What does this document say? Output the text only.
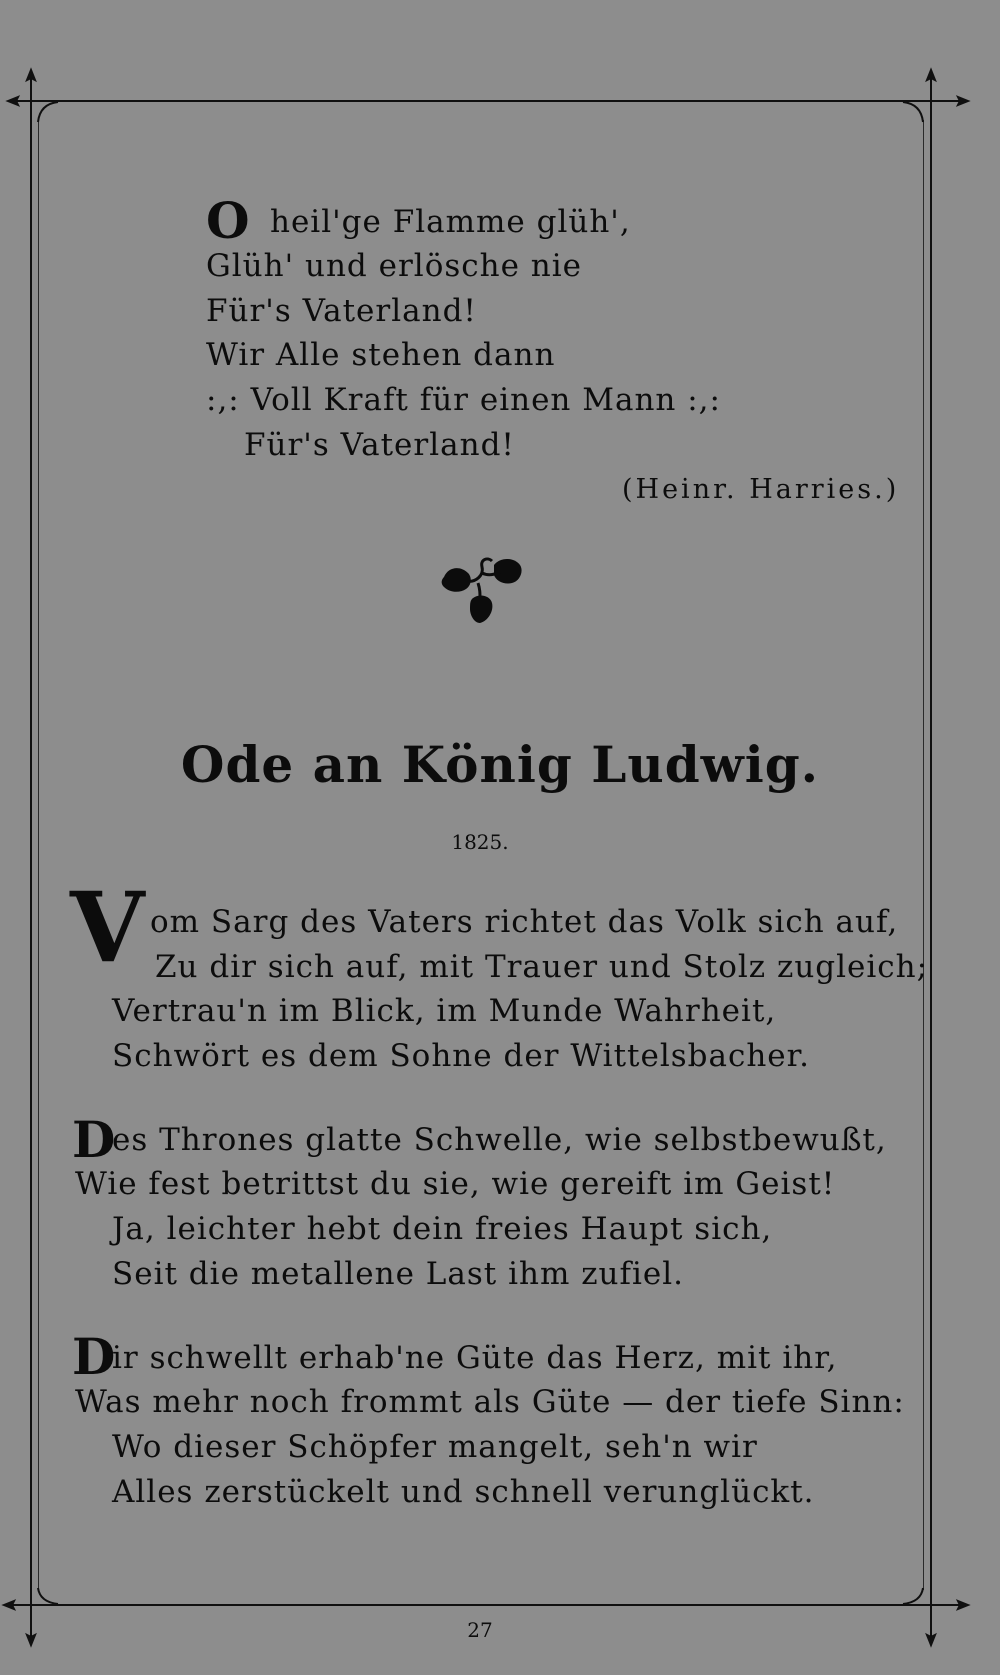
O heil'ge Flamme glüh',
Glüh' und erlösche nie
Für's Vaterland!
Wir Alle stehen dann
:,: Voll Kraft für einen Mann :,:
Für's Vaterland!
(Heinr. Harries.)
Ode an König Ludwig.
1825.
V om Sarg des Vaters richtet das Volk sich auf,
Zu dir sich auf, mit Trauer und Stolz zugleich;
Vertrau'n im Blick, im Munde Wahrheit,
Schwört es dem Sohne der Wittelsbacher.
D
es Thrones glatte Schwelle, wie selbstbewußt,
Wie fest betrittst du sie, wie gereift im Geist!
Ja, leichter hebt dein freies Haupt sich,
Seit die metallene Last ihm zufiel.
D
ir schwellt erhab'ne Güte das Herz, mit ihr,
Was mehr noch frommt als Güte — der tiefe Sinn:
Wo dieser Schöpfer mangelt, seh'n wir
Alles zerstückelt und schnell verunglückt.
27
